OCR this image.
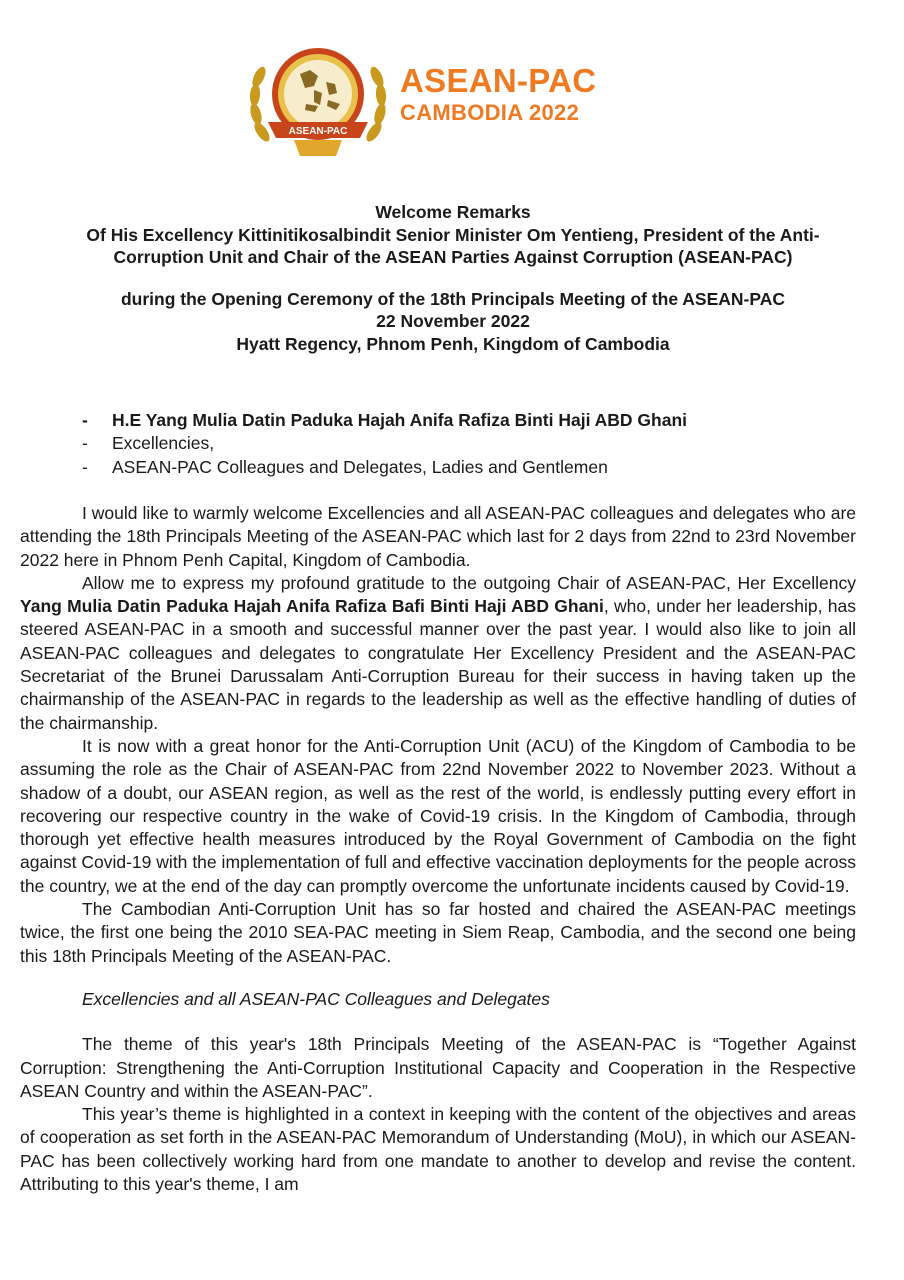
ASEAN-PAC
ASEAN-PAC
CAMBODIA 2022
Welcome Remarks
Of His Excellency Kittinitikosalbindit Senior Minister Om Yentieng, President of the Anti-
Corruption Unit and Chair of the ASEAN Parties Against Corruption (ASEAN-PAC)
during the Opening Ceremony of the 18th Principals Meeting of the ASEAN-PAC
22 November 2022
Hyatt Regency, Phnom Penh, Kingdom of Cambodia
-	H.E Yang Mulia Datin Paduka Hajah Anifa Rafiza Binti Haji ABD Ghani
-	Excellencies,
-	ASEAN-PAC Colleagues and Delegates, Ladies and Gentlemen

I would like to warmly welcome Excellencies and all ASEAN-PAC colleagues and delegates who are attending the 18th Principals Meeting of the ASEAN-PAC which last for 2 days from 22nd to 23rd November 2022 here in Phnom Penh Capital, Kingdom of Cambodia.

Allow me to express my profound gratitude to the outgoing Chair of ASEAN-PAC, Her Excellency Yang Mulia Datin Paduka Hajah Anifa Rafiza Bafi Binti Haji ABD Ghani, who, under her leadership, has steered ASEAN-PAC in a smooth and successful manner over the past year. I would also like to join all ASEAN-PAC colleagues and delegates to congratulate Her Excellency President and the ASEAN-PAC Secretariat of the Brunei Darussalam Anti-Corruption Bureau for their success in having taken up the chairmanship of the ASEAN-PAC in regards to the leadership as well as the effective handling of duties of the chairmanship.

It is now with a great honor for the Anti-Corruption Unit (ACU) of the Kingdom of Cambodia to be assuming the role as the Chair of ASEAN-PAC from 22nd November 2022 to November 2023. Without a shadow of a doubt, our ASEAN region, as well as the rest of the world, is endlessly putting every effort in recovering our respective country in the wake of Covid-19 crisis. In the Kingdom of Cambodia, through thorough yet effective health measures introduced by the Royal Government of Cambodia on the fight against Covid-19 with the implementation of full and effective vaccination deployments for the people across the country, we at the end of the day can promptly overcome the unfortunate incidents caused by Covid-19.

The Cambodian Anti-Corruption Unit has so far hosted and chaired the ASEAN-PAC meetings twice, the first one being the 2010 SEA-PAC meeting in Siem Reap, Cambodia, and the second one being this 18th Principals Meeting of the ASEAN-PAC.

Excellencies and all ASEAN-PAC Colleagues and Delegates

The theme of this year's 18th Principals Meeting of the ASEAN-PAC is “Together Against Corruption: Strengthening the Anti-Corruption Institutional Capacity and Cooperation in the Respective ASEAN Country and within the ASEAN-PAC”.

This year’s theme is highlighted in a context in keeping with the content of the objectives and areas of cooperation as set forth in the ASEAN-PAC Memorandum of Understanding (MoU), in which our ASEAN-PAC has been collectively working hard from one mandate to another to develop and revise the content. Attributing to this year's theme, I am
